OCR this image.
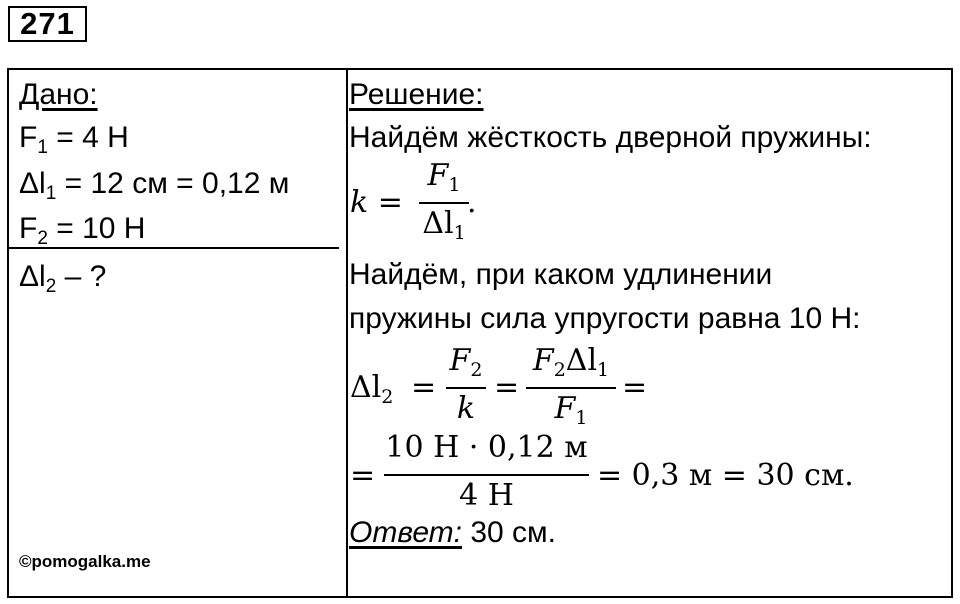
271
Дано:
$F_1 = 4$ Н
$\Delta l_1 = 12$ см = 0,12 м
$F_2 = 10$ Н
$\Delta l_2$ – ?
Решение:
Найдём жёсткость дверной пружины:
k =
$F_1$
$\Delta l_1$
.
Найдём, при каком удлинении
пружины сила упругости равна 10 Н:
$\Delta l_2$ =
$F_2$
k
=
$F_2\Delta l_1$
$F_1$
=
=
10 Н · 0,12 м
4 Н
= 0,3 м = 30 см.
Ответ: 30 см.
©pomogalka.me
